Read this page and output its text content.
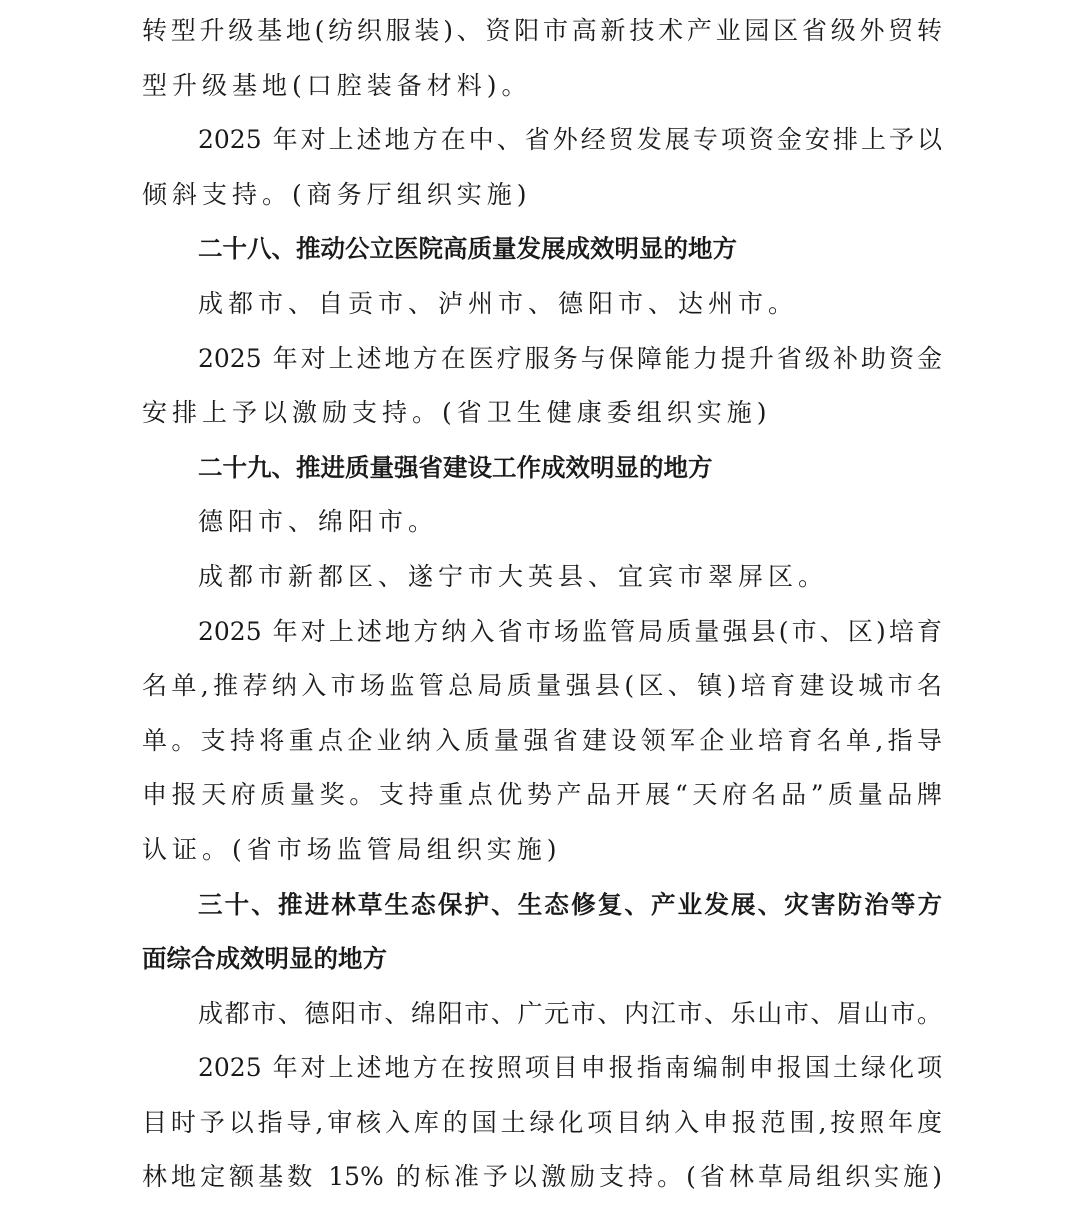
转型升级基地(纺织服装)、资阳市高新技术产业园区省级外贸转
型升级基地(口腔装备材料)。
2025 年对上述地方在中、省外经贸发展专项资金安排上予以
倾斜支持。(商务厅组织实施)
二十八、推动公立医院高质量发展成效明显的地方
成都市、自贡市、泸州市、德阳市、达州市。
2025 年对上述地方在医疗服务与保障能力提升省级补助资金
安排上予以激励支持。(省卫生健康委组织实施)
二十九、推进质量强省建设工作成效明显的地方
德阳市、绵阳市。
成都市新都区、遂宁市大英县、宜宾市翠屏区。
2025 年对上述地方纳入省市场监管局质量强县(市、区)培育
名单,推荐纳入市场监管总局质量强县(区、镇)培育建设城市名
单。支持将重点企业纳入质量强省建设领军企业培育名单,指导
申报天府质量奖。支持重点优势产品开展“天府名品”质量品牌
认证。(省市场监管局组织实施)
三十、推进林草生态保护、生态修复、产业发展、灾害防治等方
面综合成效明显的地方
成都市、德阳市、绵阳市、广元市、内江市、乐山市、眉山市。
2025 年对上述地方在按照项目申报指南编制申报国土绿化项
目时予以指导,审核入库的国土绿化项目纳入申报范围,按照年度
林地定额基数 15% 的标准予以激励支持。(省林草局组织实施)
